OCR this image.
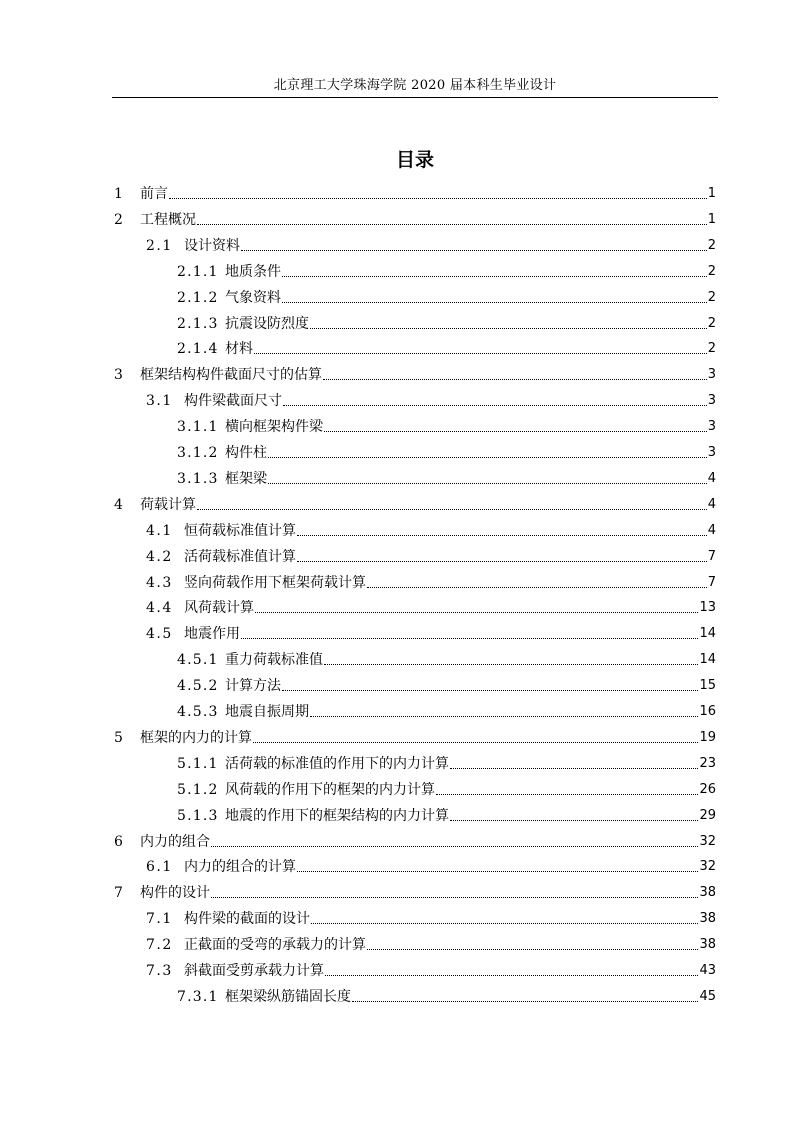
北京理工大学珠海学院 2020 届本科生毕业设计
目录
1	前言	1
2	工程概况	1
2.1 设计资料	2
2.1.1 地质条件	2
2.1.2 气象资料	2
2.1.3 抗震设防烈度	2
2.1.4 材料	2
3	框架结构构件截面尺寸的估算	3
3.1 构件梁截面尺寸	3
3.1.1 横向框架构件梁	3
3.1.2 构件柱	3
3.1.3 框架梁	4
4	荷载计算	4
4.1 恒荷载标准值计算	4
4.2 活荷载标准值计算	7
4.3 竖向荷载作用下框架荷载计算	7
4.4 风荷载计算	13
4.5 地震作用	14
4.5.1 重力荷载标准值	14
4.5.2 计算方法	15
4.5.3 地震自振周期	16
5	框架的内力的计算	19
5.1.1 活荷载的标准值的作用下的内力计算	23
5.1.2 风荷载的作用下的框架的内力计算	26
5.1.3 地震的作用下的框架结构的内力计算	29
6	内力的组合	32
6.1 内力的组合的计算	32
7	构件的设计	38
7.1 构件梁的截面的设计	38
7.2 正截面的受弯的承载力的计算	38
7.3 斜截面受剪承载力计算	43
7.3.1 框架梁纵筋锚固长度	45
